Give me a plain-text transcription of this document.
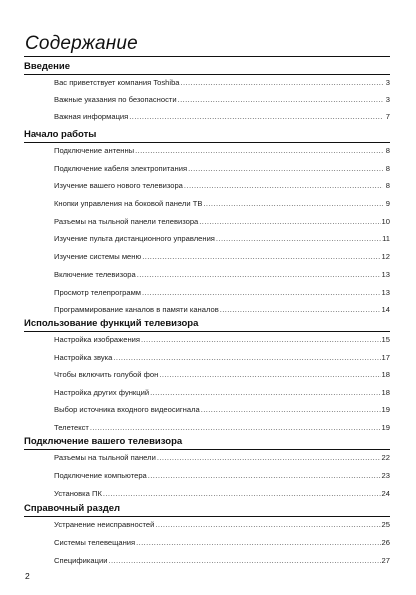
Содержание
Введение
Вас приветствует компания Toshiba .....	3
Важные указания по безопасности .....	3
Важная информация .....	7
Начало работы
Подключение антенны .....	8
Подключение кабеля электропитания .....	8
Изучение вашего нового телевизора .....	8
Кнопки управления на боковой панели ТВ .....	9
Разъемы на тыльной панели телевизора .....	10
Изучение пульта дистанционного управления .....	11
Изучение системы меню .....	12
Включение телевизора .....	13
Просмотр телепрограмм .....	13
Программирование каналов в памяти каналов .....	14
Использование функций телевизора
Настройка изображения .....	15
Настройка звука .....	17
Чтобы включить голубой фон .....	18
Настройка других функций .....	18
Выбор источника входного видеосигнала .....	19
Телетекст .....	19
Подключение вашего телевизора
Разъемы на тыльной панели .....	22
Подключение компьютера .....	23
Установка ПК .....	24
Справочный раздел
Устранение неисправностей .....	25
Системы телевещания .....	26
Спецификации .....	27
2
